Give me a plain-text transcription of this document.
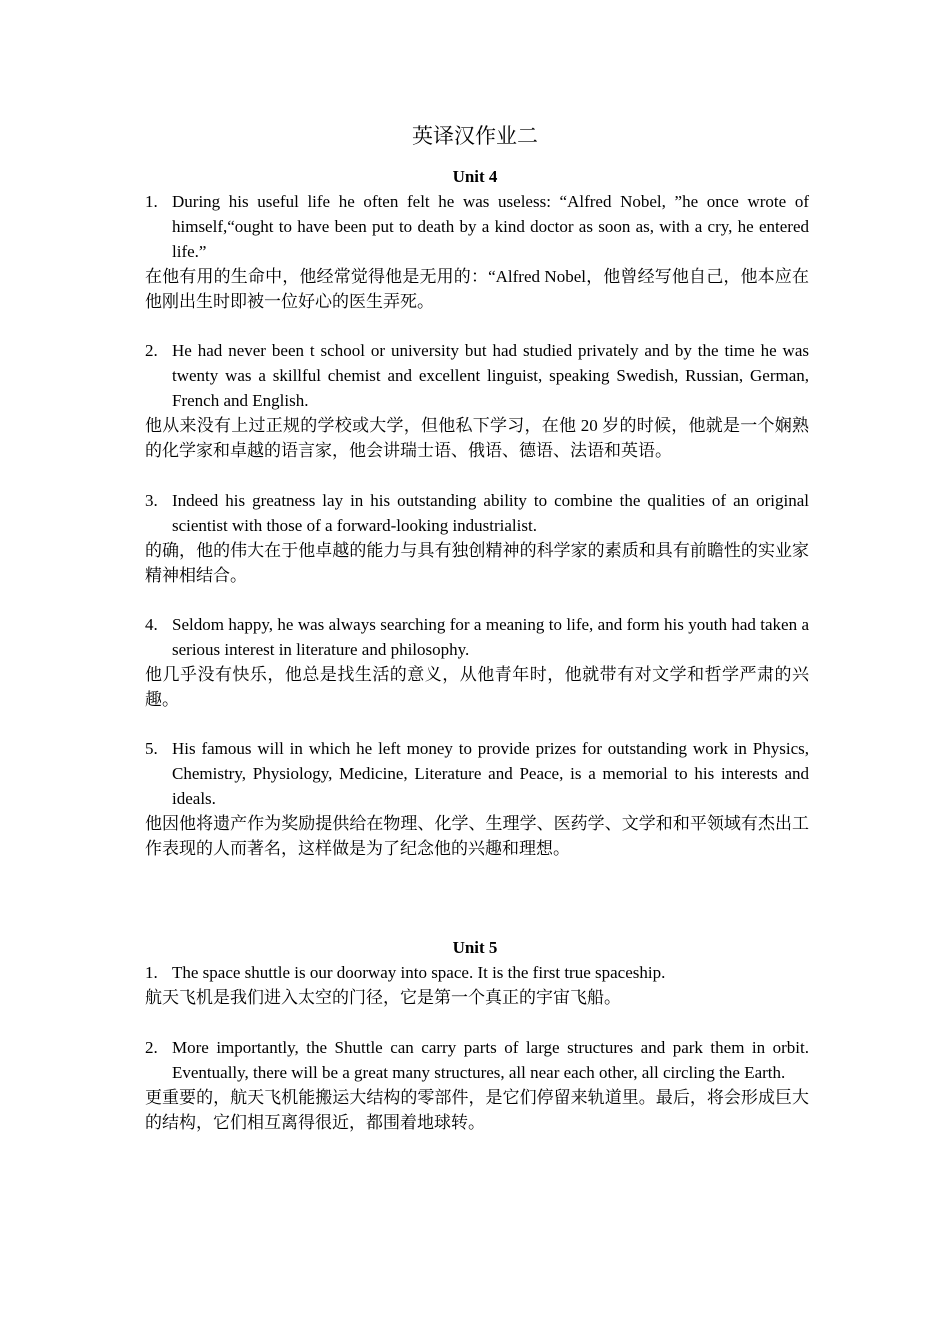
英译汉作业二
Unit 4
1. During his useful life he often felt he was useless: “Alfred Nobel, ”he once wrote of himself,“ought to have been put to death by a kind doctor as soon as, with a cry, he entered life.”
在他有用的生命中，他经常觉得他是无用的：“Alfred Nobel，他曾经写他自己，他本应在他刚出生时即被一位好心的医生弄死。
2. He had never been t school or university but had studied privately and by the time he was twenty was a skillful chemist and excellent linguist, speaking Swedish, Russian, German, French and English.
他从来没有上过正规的学校或大学，但他私下学习，在他 20 岁的时候，他就是一个娴熟的化学家和卓越的语言家，他会讲瑞士语、俄语、德语、法语和英语。
3. Indeed his greatness lay in his outstanding ability to combine the qualities of an original scientist with those of a forward-looking industrialist.
的确，他的伟大在于他卓越的能力与具有独创精神的科学家的素质和具有前瞻性的实业家精神相结合。
4. Seldom happy, he was always searching for a meaning to life, and form his youth had taken a serious interest in literature and philosophy.
他几乎没有快乐，他总是找生活的意义，从他青年时，他就带有对文学和哲学严肃的兴趣。
5. His famous will in which he left money to provide prizes for outstanding work in Physics, Chemistry, Physiology, Medicine, Literature and Peace, is a memorial to his interests and ideals.
他因他将遗产作为奖励提供给在物理、化学、生理学、医药学、文学和和平领域有杰出工作表现的人而著名，这样做是为了纪念他的兴趣和理想。
Unit 5
1. The space shuttle is our doorway into space. It is the first true spaceship.
航天飞机是我们进入太空的门径，它是第一个真正的宇宙飞船。
2. More importantly, the Shuttle can carry parts of large structures and park them in orbit. Eventually, there will be a great many structures, all near each other, all circling the Earth.
更重要的，航天飞机能搬运大结构的零部件，是它们停留来轨道里。最后，将会形成巨大的结构，它们相互离得很近，都围着地球转。
